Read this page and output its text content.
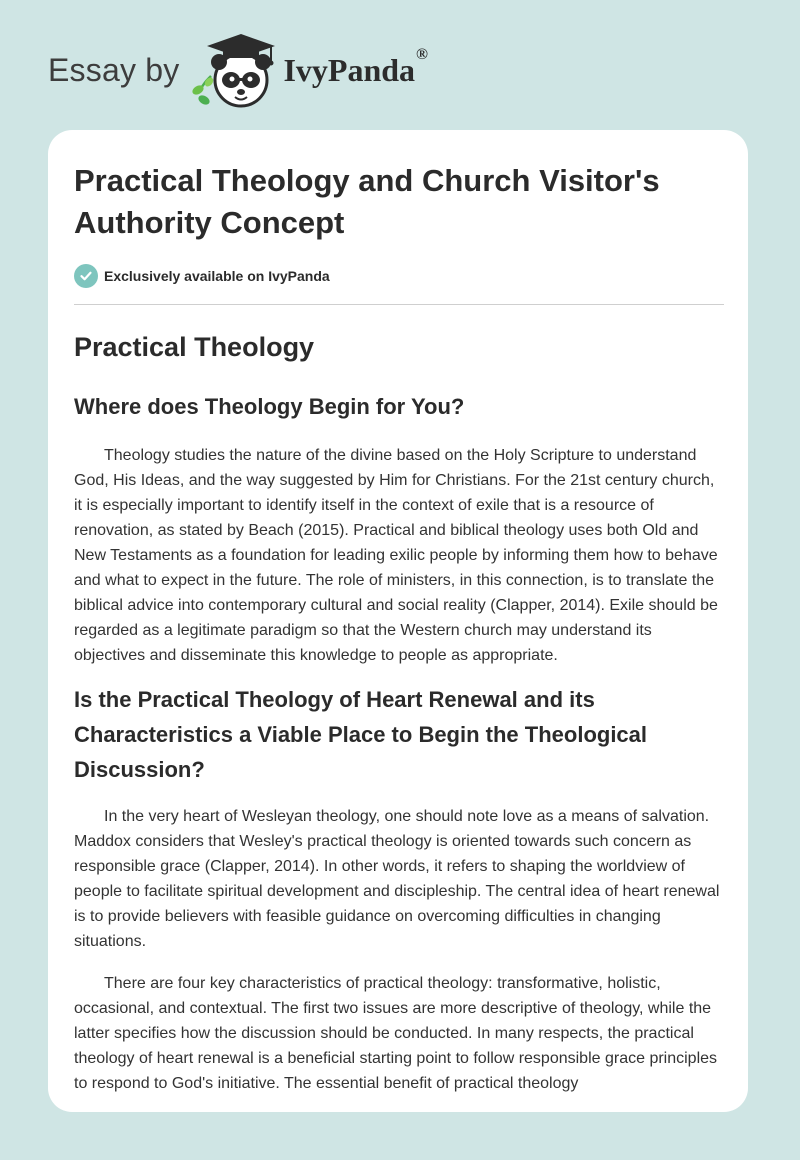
Essay by	IvyPanda®
Practical Theology and Church Visitor's Authority Concept
Exclusively available on IvyPanda
Practical Theology
Where does Theology Begin for You?

Theology studies the nature of the divine based on the Holy Scripture to understand God, His Ideas, and the way suggested by Him for Christians. For the 21st century church, it is especially important to identify itself in the context of exile that is a resource of renovation, as stated by Beach (2015). Practical and biblical theology uses both Old and New Testaments as a foundation for leading exilic people by informing them how to behave and what to expect in the future. The role of ministers, in this connection, is to translate the biblical advice into contemporary cultural and social reality (Clapper, 2014). Exile should be regarded as a legitimate paradigm so that the Western church may understand its objectives and disseminate this knowledge to people as appropriate.

Is the Practical Theology of Heart Renewal and its Characteristics a Viable Place to Begin the Theological Discussion?

In the very heart of Wesleyan theology, one should note love as a means of salvation. Maddox considers that Wesley's practical theology is oriented towards such concern as responsible grace (Clapper, 2014). In other words, it refers to shaping the worldview of people to facilitate spiritual development and discipleship. The central idea of heart renewal is to provide believers with feasible guidance on overcoming difficulties in changing situations.

There are four key characteristics of practical theology: transformative, holistic, occasional, and contextual. The first two issues are more descriptive of theology, while the latter specifies how the discussion should be conducted. In many respects, the practical theology of heart renewal is a beneficial starting point to follow responsible grace principles to respond to God's initiative. The essential benefit of practical theology
